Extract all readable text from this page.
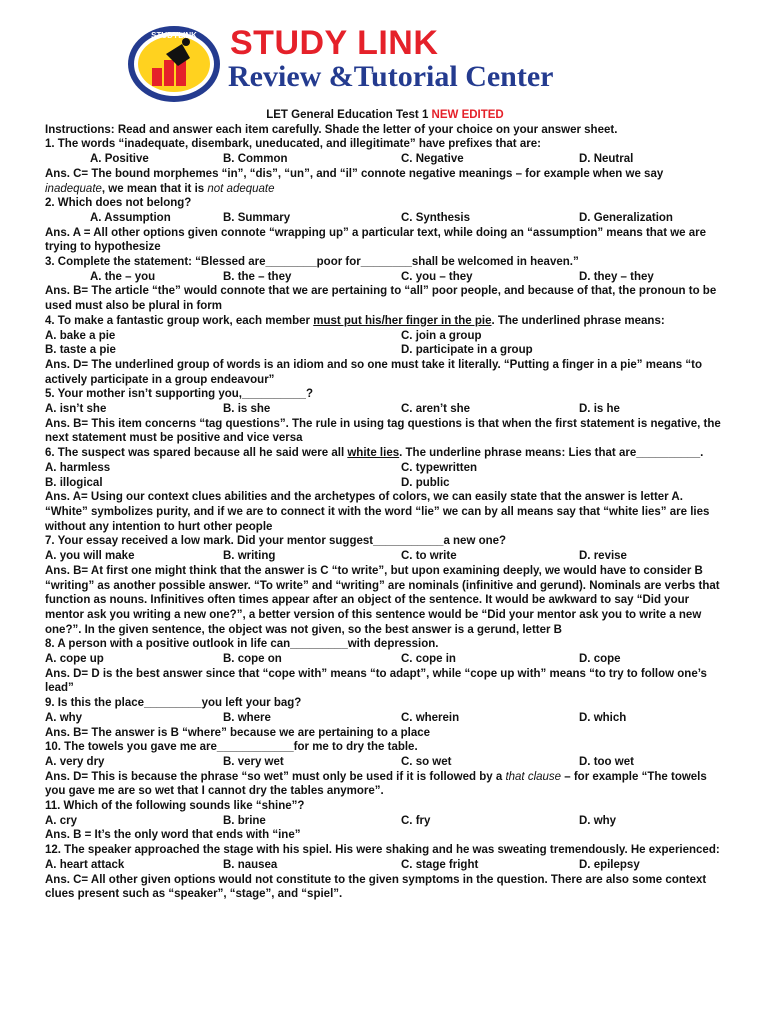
STUDYLINK STUDY LINK
Review &Tutorial Center
LET General Education Test 1 NEW EDITED
Instructions: Read and answer each item carefully. Shade the letter of your choice on your answer sheet.
1. The words “inadequate, disembark, uneducated, and illegitimate” have prefixes that are:
A. Positive	B. Common	C. Negative	D. Neutral
Ans. C= The bound morphemes “in”, “dis”, “un”, and “il” connote negative meanings – for example when we say
inadequate, we mean that it is not adequate
2. Which does not belong?
A. Assumption	B. Summary	C. Synthesis	D. Generalization
Ans. A = All other options given connote “wrapping up” a particular text, while doing an “assumption” means that we are trying to hypothesize
3. Complete the statement: “Blessed are________poor for________shall be welcomed in heaven.”
A. the – you	B. the – they	C. you – they	D. they – they
Ans. B= The article “the” would connote that we are pertaining to “all” poor people, and because of that, the pronoun to be used must also be plural in form
4. To make a fantastic group work, each member must put his/her finger in the pie. The underlined phrase means:
A. bake a pie	C. join a group
B. taste a pie	D. participate in a group
Ans. D= The underlined group of words is an idiom and so one must take it literally. “Putting a finger in a pie” means “to actively participate in a group endeavour”
5. Your mother isn’t supporting you,__________?
A. isn’t she	B. is she	C. aren’t she	D. is he
Ans. B= This item concerns “tag questions”. The rule in using tag questions is that when the first statement is negative, the next statement must be positive and vice versa
6. The suspect was spared because all he said were all white lies. The underline phrase means: Lies that are__________.
A. harmless	C. typewritten
B. illogical	D. public
Ans. A= Using our context clues abilities and the archetypes of colors, we can easily state that the answer is letter A. “White” symbolizes purity, and if we are to connect it with the word “lie” we can by all means say that “white lies” are lies without any intention to hurt other people
7. Your essay received a low mark. Did your mentor suggest___________a new one?
A. you will make	B. writing	C. to write	D. revise
Ans. B= At first one might think that the answer is C “to write”, but upon examining deeply, we would have to consider B “writing” as another possible answer. “To write” and “writing” are nominals (infinitive and gerund). Nominals are verbs that function as nouns. Infinitives often times appear after an object of the sentence. It would be awkward to say “Did your mentor ask you writing a new one?”, a better version of this sentence would be “Did your mentor ask you to write a new one?”. In the given sentence, the object was not given, so the best answer is a gerund, letter B
8. A person with a positive outlook in life can_________with depression.
A. cope up	B. cope on	C. cope in	D. cope
Ans. D= D is the best answer since that “cope with” means “to adapt”, while “cope up with” means “to try to follow one’s lead”
9. Is this the place_________you left your bag?
A. why	B. where	C. wherein	D. which
Ans. B= The answer is B “where” because we are pertaining to a place
10. The towels you gave me are____________for me to dry the table.
A. very dry	B. very wet	C. so wet	D. too wet
Ans. D= This is because the phrase “so wet” must only be used if it is followed by a that clause – for example “The towels you gave me are so wet that I cannot dry the tables anymore”.
11. Which of the following sounds like “shine”?
A. cry	B. brine	C. fry	D. why
Ans. B = It’s the only word that ends with “ine”
12. The speaker approached the stage with his spiel. His were shaking and he was sweating tremendously. He experienced:
A. heart attack	B. nausea	C. stage fright	D. epilepsy
Ans. C= All other given options would not constitute to the given symptoms in the question. There are also some context clues present such as “speaker”, “stage”, and “spiel”.
